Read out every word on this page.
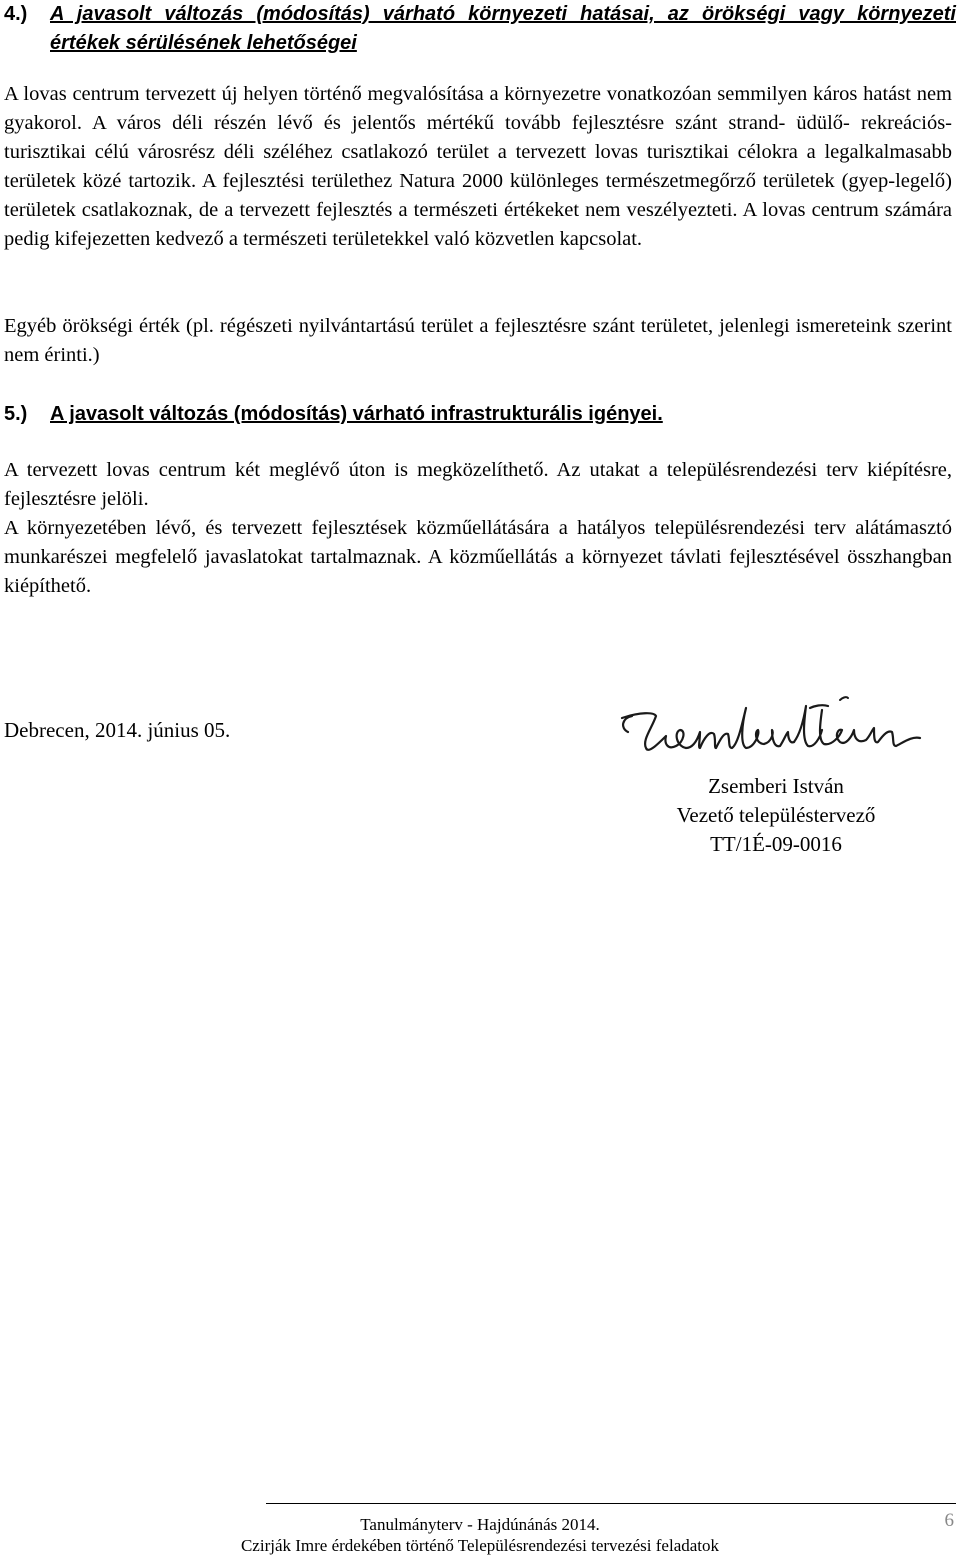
4.) A javasolt változás (módosítás) várható környezeti hatásai, az örökségi vagy környezeti értékek sérülésének lehetőségei

A lovas centrum tervezett új helyen történő megvalósítása a környezetre vonatkozóan semmilyen káros hatást nem gyakorol. A város déli részén lévő és jelentős mértékű tovább fejlesztésre szánt strand- üdülő- rekreációs- turisztikai célú városrész déli széléhez csatlakozó terület a tervezett lovas turisztikai célokra a legalkalmasabb területek közé tartozik. A fejlesztési területhez Natura 2000 különleges természetmegőrző területek (gyep-legelő) területek csatlakoznak, de a tervezett fejlesztés a természeti értékeket nem veszélyezteti. A lovas centrum számára pedig kifejezetten kedvező a természeti területekkel való közvetlen kapcsolat.

Egyéb örökségi érték (pl. régészeti nyilvántartású terület a fejlesztésre szánt területet, jelenlegi ismereteink szerint nem érinti.)

5.) A javasolt változás (módosítás) várható infrastrukturális igényei.

A tervezett lovas centrum két meglévő úton is megközelíthető. Az utakat a településrendezési terv kiépítésre, fejlesztésre jelöli.

A környezetében lévő, és tervezett fejlesztések közműellátására a hatályos településrendezési terv alátámasztó munkarészei megfelelő javaslatokat tartalmaznak. A közműellátás a környezet távlati fejlesztésével összhangban kiépíthető.

Debrecen, 2014. június 05.
Zsemberi István
Vezető településtervező
TT/1É-09-0016
Tanulmányterv - Hajdúnánás 2014.
Czirják Imre érdekében történő Településrendezési tervezési feladatok
6
